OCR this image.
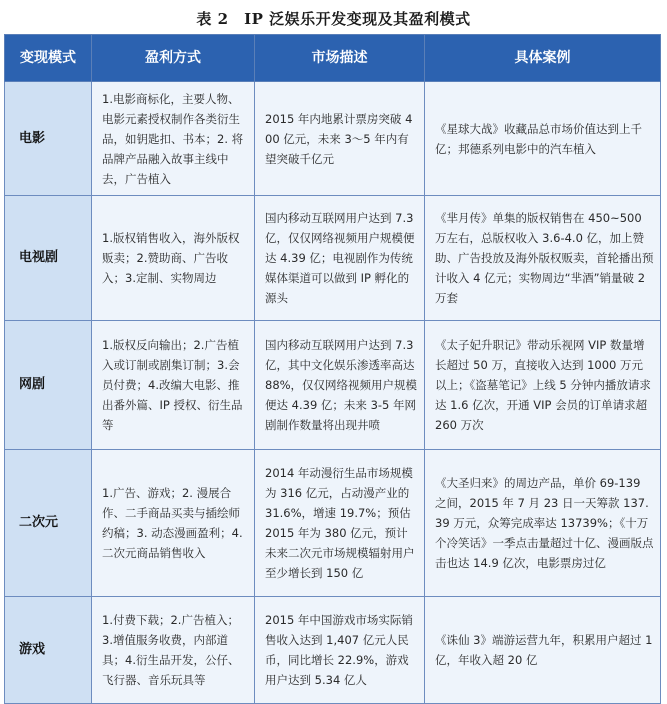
表 2　IP 泛娱乐开发变现及其盈利模式
变现模式	盈利方式	市场描述	具体案例
电影	1.电影商标化，主要人物、电影元素授权制作各类衍生品，如钥匙扣、书本；2. 将品牌产品融入故事主线中去，广告植入	2015 年内地累计票房突破 400 亿元，未来 3～5 年内有望突破千亿元	《星球大战》收藏品总市场价值达到上千亿；邦德系列电影中的汽车植入
电视剧	1.版权销售收入，海外版权贩卖；2.赞助商、广告收入；3.定制、实物周边	国内移动互联网用户达到 7.3 亿，仅仅网络视频用户规模便达 4.39 亿；电视剧作为传统媒体渠道可以做到 IP 孵化的源头	《芈月传》单集的版权销售在 450~500 万左右，总版权收入 3.6-4.0 亿，加上赞助、广告投放及海外版权贩卖，首轮播出预计收入 4 亿元；实物周边“芈酒”销量破 2 万套
网剧	1.版权反向输出；2.广告植入或订制或剧集订制；3.会员付费；4.改编大电影、推出番外篇、IP 授权、衍生品等	国内移动互联网用户达到 7.3 亿，其中文化娱乐渗透率高达 88%，仅仅网络视频用户规模便达 4.39 亿；未来 3-5 年网剧制作数量将出现井喷	《太子妃升职记》带动乐视网 VIP 数量增长超过 50 万，直接收入达到 1000 万元以上；《盗墓笔记》上线 5 分钟内播放请求达 1.6 亿次，开通 VIP 会员的订单请求超 260 万次
二次元	1.广告、游戏；2. 漫展合作、二手商品买卖与插绘师约稿；3. 动态漫画盈利；4. 二次元商品销售收入	2014 年动漫衍生品市场规模为 316 亿元，占动漫产业的 31.6%，增速 19.7%；预估 2015 年为 380 亿元，预计未来二次元市场规模辐射用户至少增长到 150 亿	《大圣归来》的周边产品，单价 69-139 之间，2015 年 7 月 23 日一天筹款 137.39 万元，众筹完成率达 13739%；《十万个冷笑话》一季点击量超过十亿、漫画版点击也达 14.9 亿次，电影票房过亿
游戏	1.付费下载；2.广告植入；3.增值服务收费，内部道具；4.衍生品开发，公仔、飞行器、音乐玩具等	2015 年中国游戏市场实际销售收入达到 1,407 亿元人民币，同比增长 22.9%，游戏用户达到 5.34 亿人	《诛仙 3》端游运营九年，积累用户超过 1 亿，年收入超 20 亿
